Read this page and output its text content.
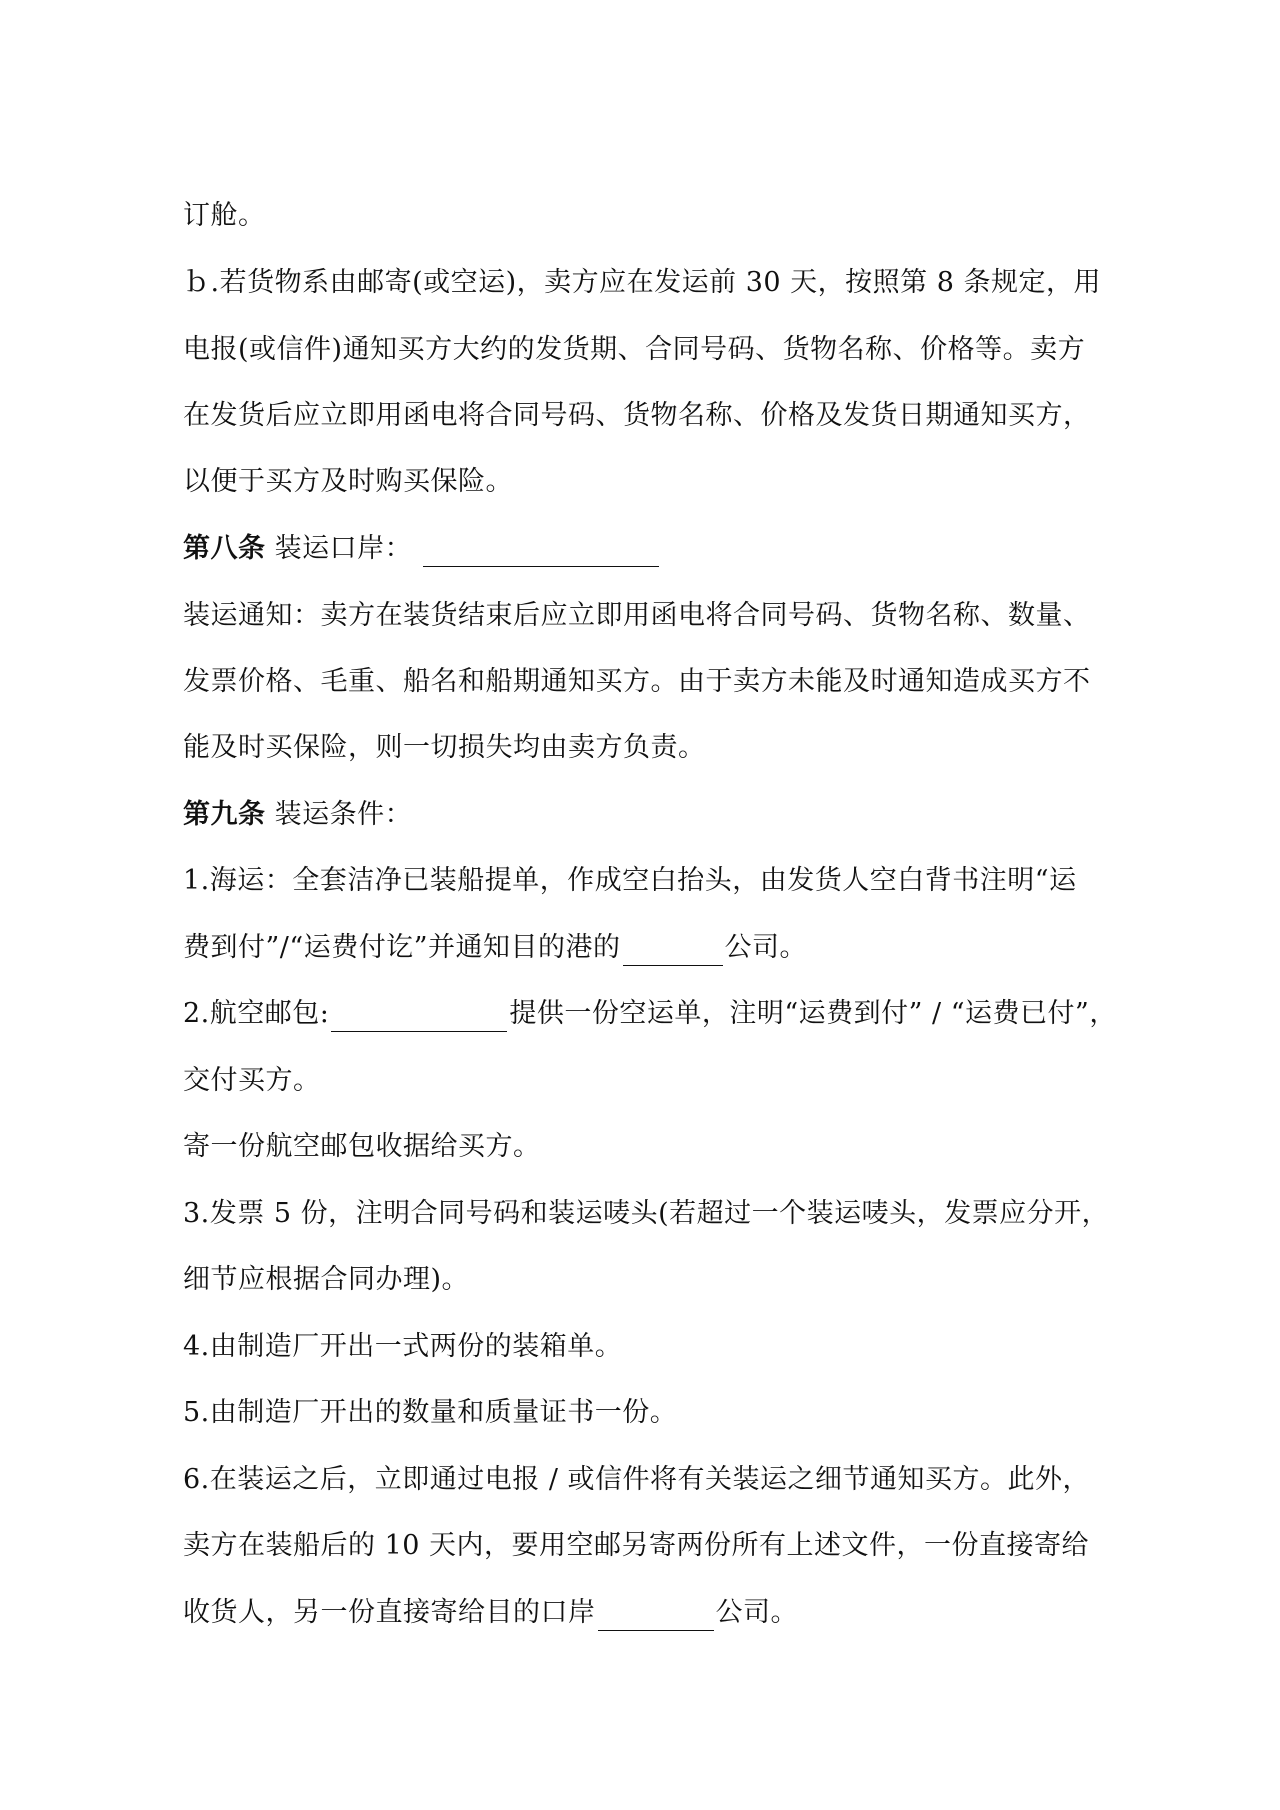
订舱。
ｂ.若货物系由邮寄(或空运)，卖方应在发运前 30 天，按照第 8 条规定，用
电报(或信件)通知买方大约的发货期、合同号码、货物名称、价格等。卖方
在发货后应立即用函电将合同号码、货物名称、价格及发货日期通知买方，
以便于买方及时购买保险。
第八条 装运口岸：
装运通知：卖方在装货结束后应立即用函电将合同号码、货物名称、数量、
发票价格、毛重、船名和船期通知买方。由于卖方未能及时通知造成买方不
能及时买保险，则一切损失均由卖方负责。
第九条 装运条件：
1.海运：全套洁净已装船提单，作成空白抬头，由发货人空白背书注明“运
费到付”/“运费付讫”并通知目的港的	公司。
2.航空邮包:	提供一份空运单，注明“运费到付” / “运费已付”，
交付买方。
寄一份航空邮包收据给买方。
3.发票 5 份，注明合同号码和装运唛头(若超过一个装运唛头，发票应分开，
细节应根据合同办理)。
4.由制造厂开出一式两份的装箱单。
5.由制造厂开出的数量和质量证书一份。
6.在装运之后，立即通过电报 / 或信件将有关装运之细节通知买方。此外，
卖方在装船后的 10 天内，要用空邮另寄两份所有上述文件，一份直接寄给
收货人，另一份直接寄给目的口岸	公司。
